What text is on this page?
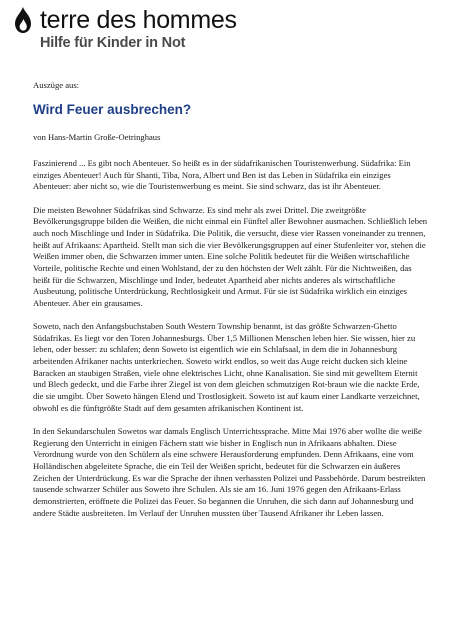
terre des hommes
Hilfe für Kinder in Not

Auszüge aus:

Wird Feuer ausbrechen?

von Hans-Martin Große-Oetringhaus

Faszinierend ... Es gibt noch Abenteuer. So heißt es in der südafrikanischen Touristenwerbung. Südafrika: Ein einziges Abenteuer! Auch für Shanti, Tiba, Nora, Albert und Ben ist das Leben in Südafrika ein einziges Abenteuer: aber nicht so, wie die Touristenwerbung es meint. Sie sind schwarz, das ist ihr Abenteuer.

Die meisten Bewohner Südafrikas sind Schwarze. Es sind mehr als zwei Drittel. Die zweitgrößte Bevölkerungsgruppe bilden die Weißen, die nicht einmal ein Fünftel aller Bewohner ausmachen. Schließlich leben auch noch Mischlinge und Inder in Südafrika. Die Politik, die versucht, diese vier Rassen voneinander zu trennen, heißt auf Afrikaans: Apartheid. Stellt man sich die vier Bevölkerungsgruppen auf einer Stufenleiter vor, stehen die Weißen immer oben, die Schwarzen immer unten. Eine solche Politik bedeutet für die Weißen wirtschaftliche Vorteile, politische Rechte und einen Wohlstand, der zu den höchsten der Welt zählt. Für die Nichtweißen, das heißt für die Schwarzen, Mischlinge und Inder, bedeutet Apartheid aber nichts anderes als wirtschaftliche Ausbeutung, politische Unterdrückung, Rechtlosigkeit und Armut. Für sie ist Südafrika wirklich ein einziges Abenteuer. Aber ein grausames.

Soweto, nach den Anfangsbuchstaben South Western Township benannt, ist das größte Schwarzen-Ghetto Südafrikas. Es liegt vor den Toren Johannesburgs. Über 1,5 Millionen Menschen leben hier. Sie wissen, hier zu leben, oder besser: zu schlafen; denn Soweto ist eigentlich wie ein Schlafsaal, in dem die in Johannesburg arbeitenden Afrikaner nachts unterkriechen. Soweto wirkt endlos, so weit das Auge reicht ducken sich kleine Baracken an staubigen Straßen, viele ohne elektrisches Licht, ohne Kanalisation. Sie sind mit gewelltem Eternit und Blech gedeckt, und die Farbe ihrer Ziegel ist von dem gleichen schmutzigen Rot-braun wie die nackte Erde, die sie umgibt. Über Soweto hängen Elend und Trostlosigkeit. Soweto ist auf kaum einer Landkarte verzeichnet, obwohl es die fünftgrößte Stadt auf dem gesamten afrikanischen Kontinent ist.

In den Sekundarschulen Sowetos war damals Englisch Unterrichtssprache. Mitte Mai 1976 aber wollte die weiße Regierung den Unterricht in einigen Fächern statt wie bisher in Englisch nun in Afrikaans abhalten. Diese Verordnung wurde von den Schülern als eine schwere Herausforderung empfunden. Denn Afrikaans, eine vom Holländischen abgeleitete Sprache, die ein Teil der Weißen spricht, bedeutet für die Schwarzen ein äußeres Zeichen der Unterdrückung. Es war die Sprache der ihnen verhassten Polizei und Passbehörde. Darum bestreikten tausende schwarzer Schüler aus Soweto ihre Schulen. Als sie am 16. Juni 1976 gegen den Afrikaans-Erlass demonstrierten, eröffnete die Polizei das Feuer. So begannen die Unruhen, die sich dann auf Johannesburg und andere Städte ausbreiteten. Im Verlauf der Unruhen mussten über Tausend Afrikaner ihr Leben lassen.
